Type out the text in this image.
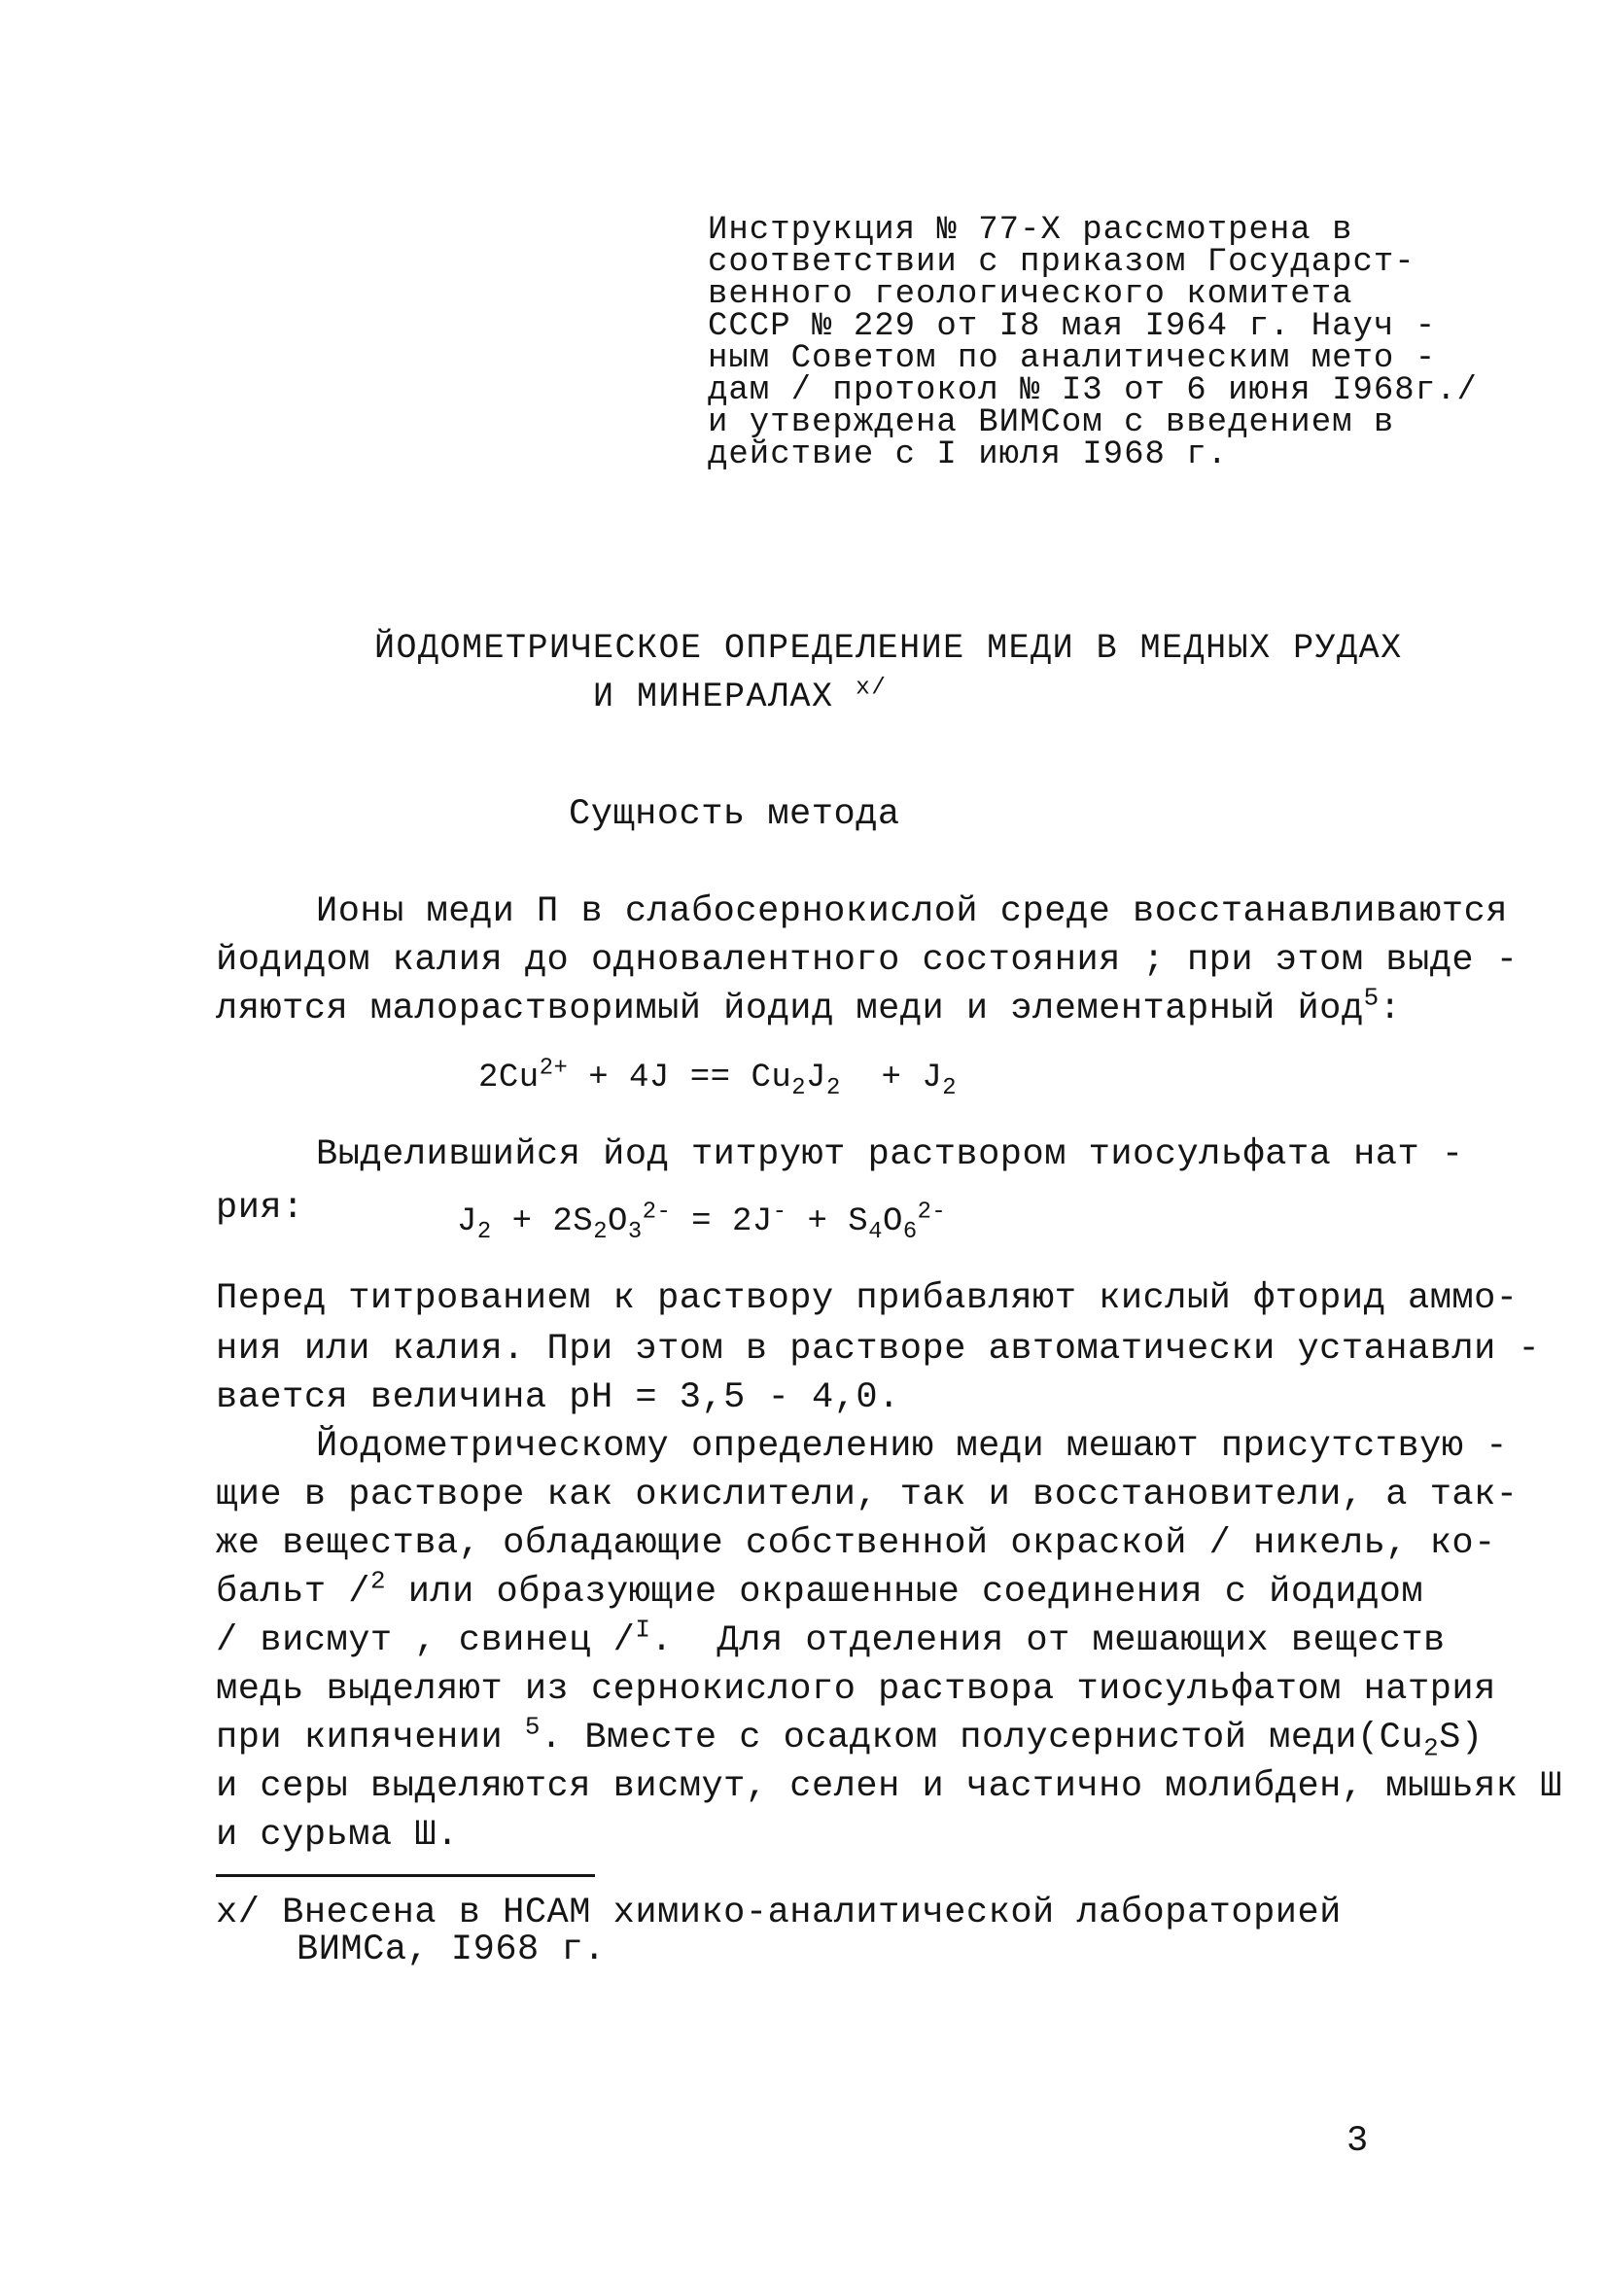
Инструкция № 77-Х рассмотрена в
соответствии с приказом Государст-
венного геологического комитета
СССР № 229 от I8 мая I964 г. Науч -
ным Советом по аналитическим мето -
дам / протокол № I3 от 6 июня I968г./
и утверждена ВИМСом с введением в
действие с I июля I968 г.
ЙОДОМЕТРИЧЕСКОЕ ОПРЕДЕЛЕНИЕ МЕДИ В МЕДНЫХ РУДАХ
И МИНЕРАЛАХ $^{х/}$
Сущность метода
Ионы меди П в слабосернокислой среде восстанавливаются
йодидом калия до одновалентного состояния ; при этом выде -
ляются малорастворимый йодид меди и элементарный йод$^5$:
$2Cu^{2+} + 4J == Cu_2J_2 + J_2$
Выделившийся йод титруют раствором тиосульфата нат -
рия:	$J_2 + 2S_2O_3^{2-} = 2J^- + S_4O_6^{2-}$
Перед титрованием к раствору прибавляют кислый фторид аммо-
ния или калия. При этом в растворе автоматически устанавли -
вается величина pH = 3,5 - 4,0.
Йодометрическому определению меди мешают присутствую -
щие в растворе как окислители, так и восстановители, а так-
же вещества, обладающие собственной окраской / никель, ко-
бальт /$^2$ или образующие окрашенные соединения с йодидом
/ висмут , свинец /$^I$.  Для отделения от мешающих веществ
медь выделяют из сернокислого раствора тиосульфатом натрия
при кипячении $^5$. Вместе с осадком полусернистой $меди(Cu_2S)$
и серы выделяются висмут, селен и частично молибден, мышьяк Ш
и сурьма Ш.
х/ Внесена в НСАМ химико-аналитической лабораторией
ВИМСа, I968 г.
3
